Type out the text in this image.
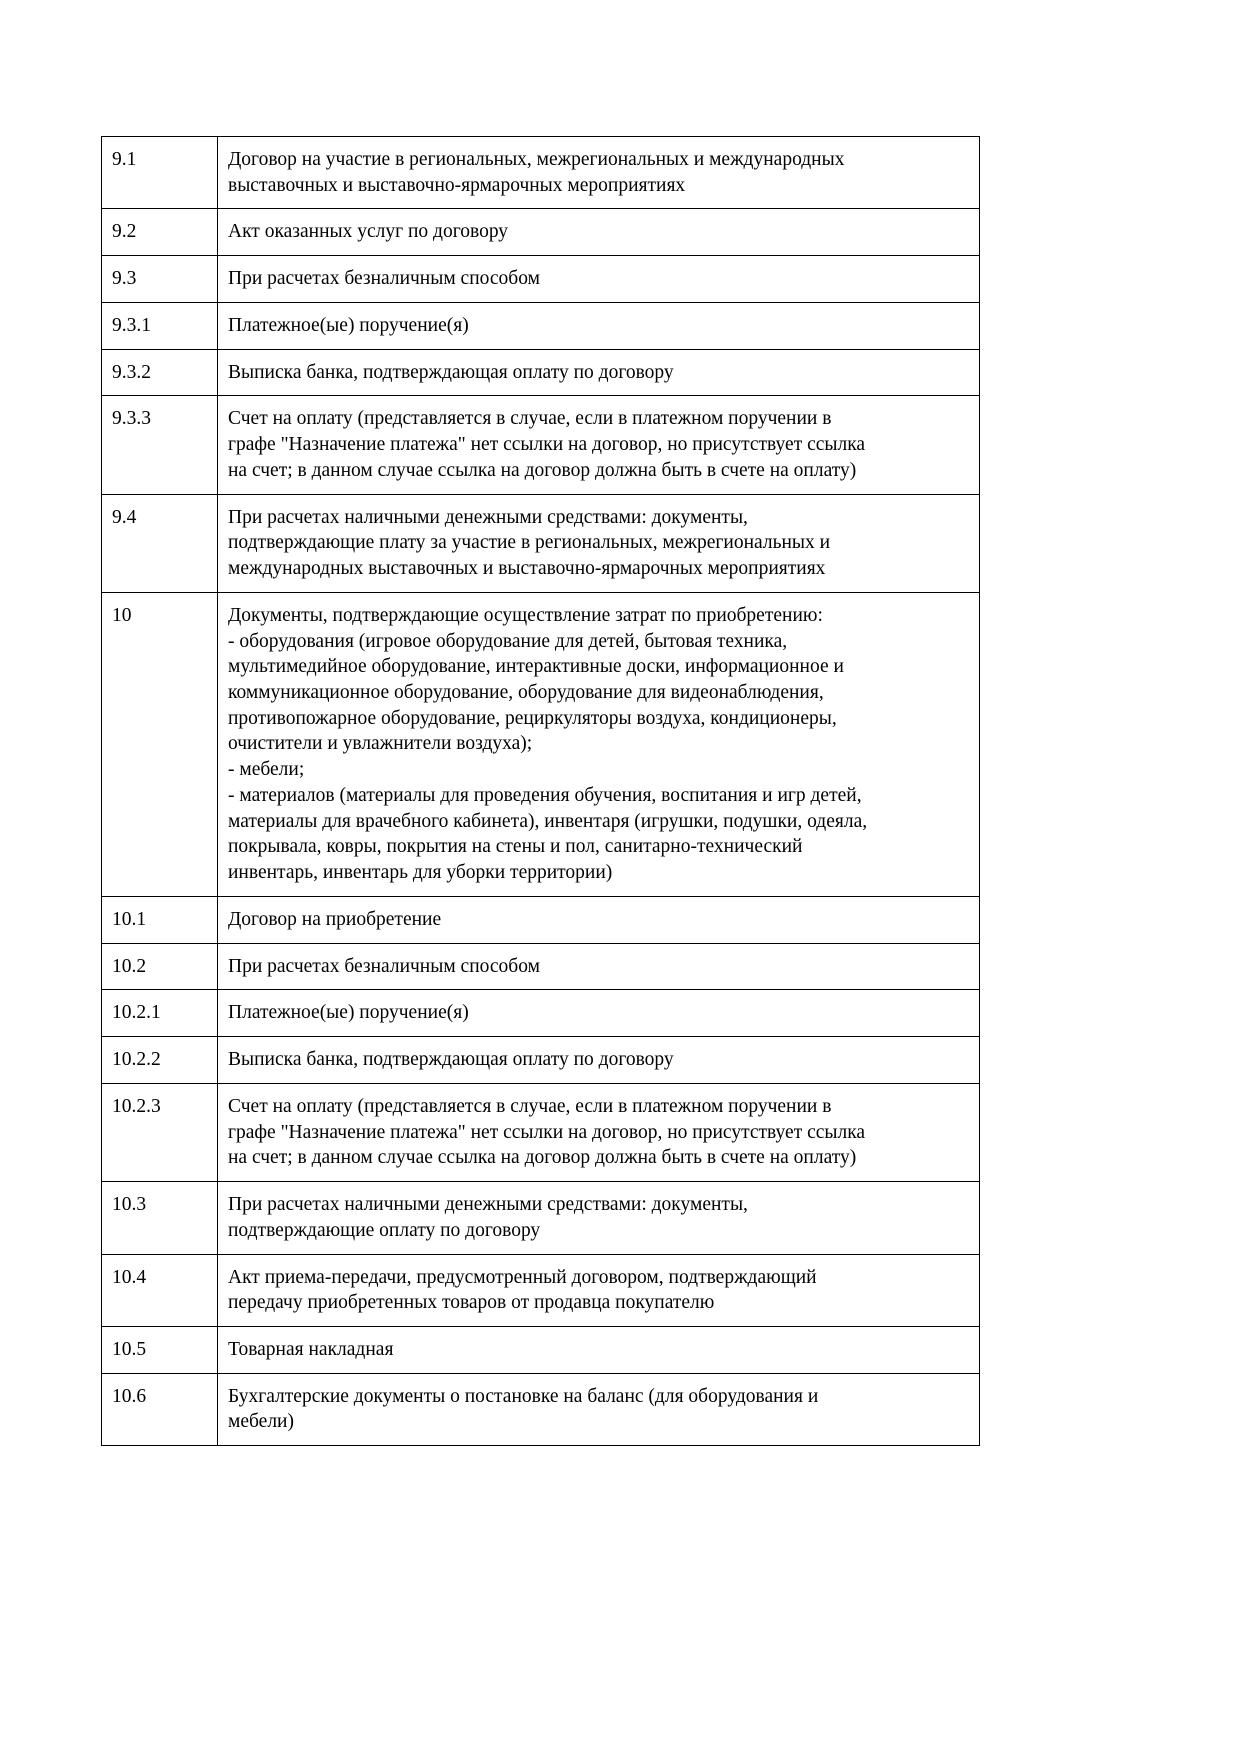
9.1	Договор на участие в региональных, межрегиональных и международных
выставочных и выставочно-ярмарочных мероприятиях

9.2	Акт оказанных услуг по договору

9.3	При расчетах безналичным способом

9.3.1	Платежное(ые) поручение(я)

9.3.2	Выписка банка, подтверждающая оплату по договору

9.3.3	Счет на оплату (представляется в случае, если в платежном поручении в
графе "Назначение платежа" нет ссылки на договор, но присутствует ссылка
на счет; в данном случае ссылка на договор должна быть в счете на оплату)

9.4	При расчетах наличными денежными средствами: документы,
подтверждающие плату за участие в региональных, межрегиональных и
международных выставочных и выставочно-ярмарочных мероприятиях

10	Документы, подтверждающие осуществление затрат по приобретению:
- оборудования (игровое оборудование для детей, бытовая техника,
мультимедийное оборудование, интерактивные доски, информационное и
коммуникационное оборудование, оборудование для видеонаблюдения,
противопожарное оборудование, рециркуляторы воздуха, кондиционеры,
очистители и увлажнители воздуха);
- мебели;
- материалов (материалы для проведения обучения, воспитания и игр детей,
материалы для врачебного кабинета), инвентаря (игрушки, подушки, одеяла,
покрывала, ковры, покрытия на стены и пол, санитарно-технический
инвентарь, инвентарь для уборки территории)

10.1	Договор на приобретение

10.2	При расчетах безналичным способом

10.2.1	Платежное(ые) поручение(я)

10.2.2	Выписка банка, подтверждающая оплату по договору

10.2.3	Счет на оплату (представляется в случае, если в платежном поручении в
графе "Назначение платежа" нет ссылки на договор, но присутствует ссылка
на счет; в данном случае ссылка на договор должна быть в счете на оплату)

10.3	При расчетах наличными денежными средствами: документы,
подтверждающие оплату по договору

10.4	Акт приема-передачи, предусмотренный договором, подтверждающий
передачу приобретенных товаров от продавца покупателю

10.5	Товарная накладная

10.6	Бухгалтерские документы о постановке на баланс (для оборудования и
мебели)
